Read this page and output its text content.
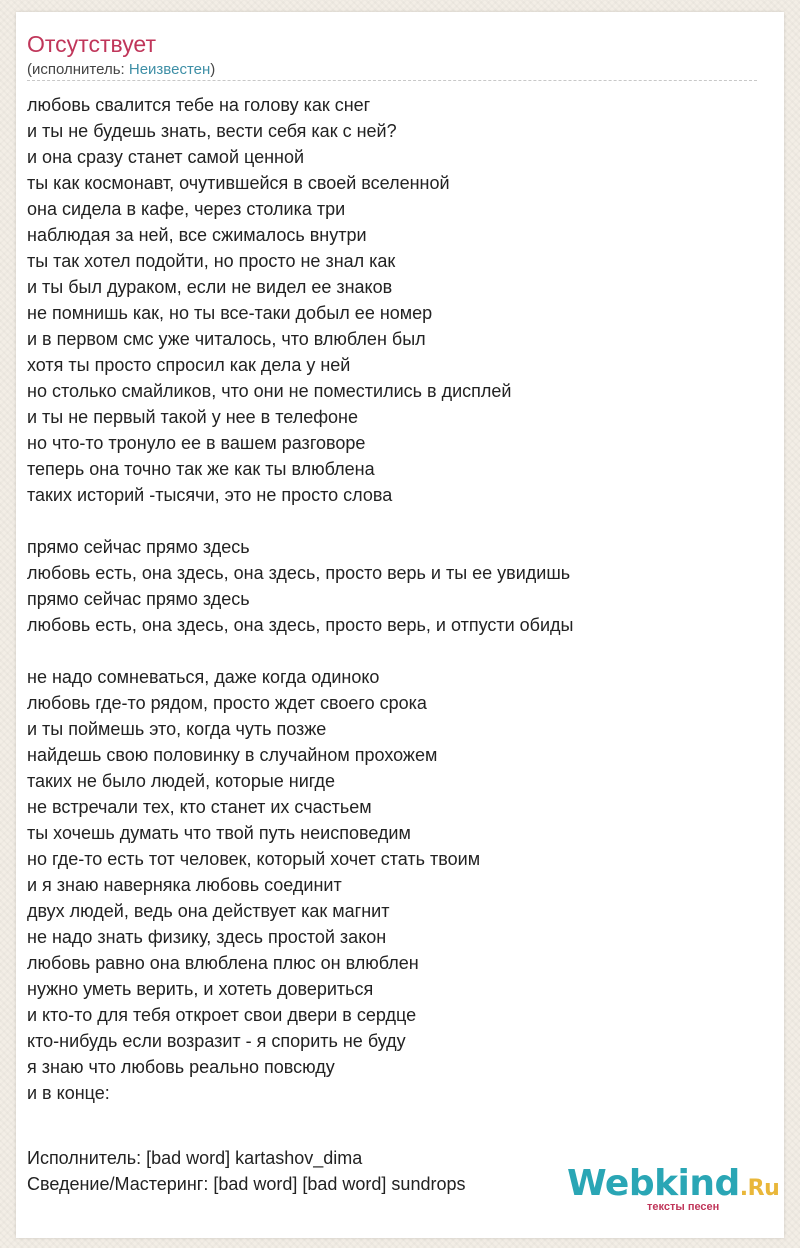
Отсутствует
(исполнитель: Неизвестен)
любовь свалится тебе на голову как снег
и ты не будешь знать, вести себя как с ней?
и она сразу станет самой ценной
ты как космонавт, очутившейся в своей вселенной
она сидела в кафе, через столика три
наблюдая за ней, все сжималось внутри
ты так хотел подойти, но просто не знал как
и ты был дураком, если не видел ее знаков
не помнишь как, но ты все-таки добыл ее номер
и в первом смс уже читалось, что влюблен был
хотя ты просто спросил как дела у ней
но столько смайликов, что они не поместились в дисплей
и ты не первый такой у нее в телефоне
но что-то тронуло ее в вашем разговоре
теперь она точно так же как ты влюблена
таких историй -тысячи, это не просто слова
прямо сейчас прямо здесь
любовь есть, она здесь, она здесь, просто верь и ты ее увидишь
прямо сейчас прямо здесь
любовь есть, она здесь, она здесь, просто верь, и отпусти обиды
не надо сомневаться, даже когда одиноко
любовь где-то рядом, просто ждет своего срока
и ты поймешь это, когда чуть позже
найдешь свою половинку в случайном прохожем
таких не было людей, которые нигде
не встречали тех, кто станет их счастьем
ты хочешь думать что твой путь неисповедим
но где-то есть тот человек, который хочет стать твоим
и я знаю наверняка любовь соединит
двух людей, ведь она действует как магнит
не надо знать физику, здесь простой закон
любовь равно она влюблена плюс он влюблен
нужно уметь верить, и хотеть довериться
и кто-то для тебя откроет свои двери в сердце
кто-нибудь если возразит - я спорить не буду
я знаю что любовь реально повсюду
и в конце:
Исполнитель: [bad word] kartashov_dima
Сведение/Мастеринг: [bad word] [bad word] sundrops	Webkind.Ru
тексты песен
